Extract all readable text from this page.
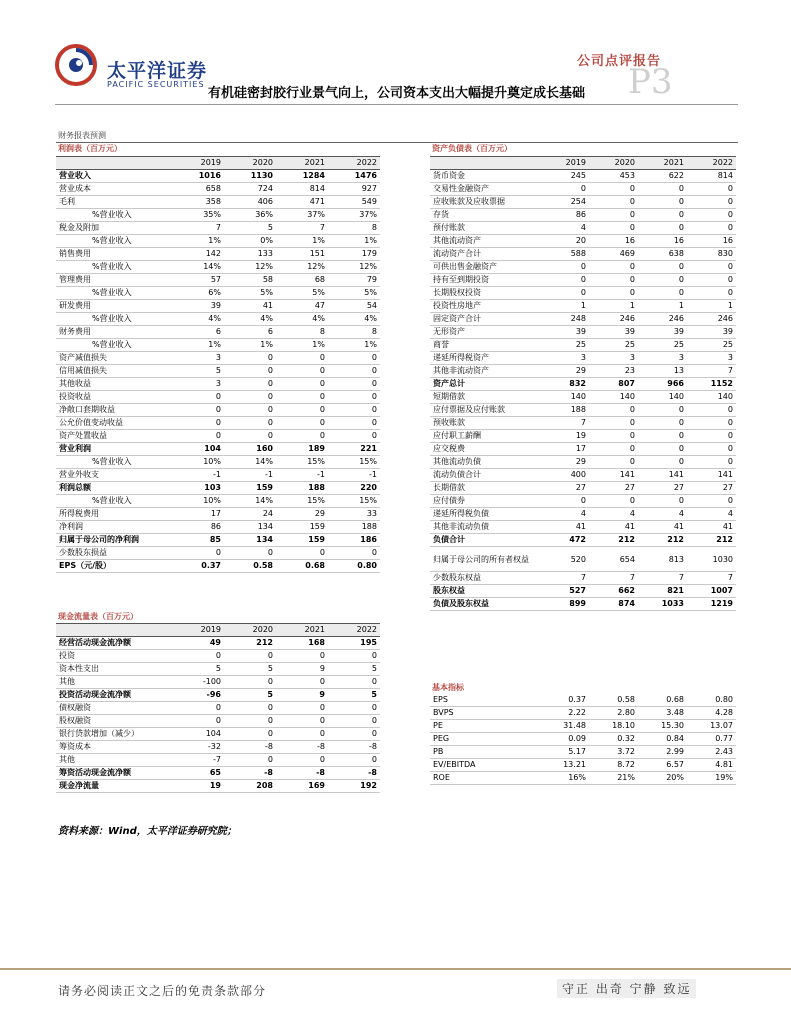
太平洋证券
PACIFIC SECURITIES
公司点评报告
有机硅密封胶行业景气向上，公司资本支出大幅提升奠定成长基础 P3
财务报表预测
利润表（百万元）	资产负债表（百万元）
	2019	2020	2021	2022
营业收入	1016	1130	1284	1476
营业成本	658	724	814	927
毛利	358	406	471	549
%营业收入	35%	36%	37%	37%
税金及附加	7	5	7	8
%营业收入	1%	0%	1%	1%
销售费用	142	133	151	179
%营业收入	14%	12%	12%	12%
管理费用	57	58	68	79
%营业收入	6%	5%	5%	5%
研发费用	39	41	47	54
%营业收入	4%	4%	4%	4%
财务费用	6	6	8	8
%营业收入	1%	1%	1%	1%
资产减值损失	3	0	0	0
信用减值损失	5	0	0	0
其他收益	3	0	0	0
投资收益	0	0	0	0
净敞口套期收益	0	0	0	0
公允价值变动收益	0	0	0	0
资产处置收益	0	0	0	0
营业利润	104	160	189	221
%营业收入	10%	14%	15%	15%
营业外收支	-1	-1	-1	-1
利润总额	103	159	188	220
%营业收入	10%	14%	15%	15%
所得税费用	17	24	29	33
净利润	86	134	159	188
归属于母公司的净利润	85	134	159	186
少数股东损益	0	0	0	0
EPS（元/股）	0.37	0.58	0.68	0.80
现金流量表（百万元）
	2019	2020	2021	2022
经营活动现金流净额	49	212	168	195
投资	0	0	0	0
资本性支出	5	5	9	5
其他	-100	0	0	0
投资活动现金流净额	-96	5	9	5
债权融资	0	0	0	0
股权融资	0	0	0	0
银行贷款增加（减少）	104	0	0	0
筹资成本	-32	-8	-8	-8
其他	-7	0	0	0
筹资活动现金流净额	65	-8	-8	-8
现金净流量	19	208	169	192
	2019	2020	2021	2022
货币资金	245	453	622	814
交易性金融资产	0	0	0	0
应收账款及应收票据	254	0	0	0
存货	86	0	0	0
预付账款	4	0	0	0
其他流动资产	20	16	16	16
流动资产合计	588	469	638	830
可供出售金融资产	0	0	0	0
持有至到期投资	0	0	0	0
长期股权投资	0	0	0	0
投资性房地产	1	1	1	1
固定资产合计	248	246	246	246
无形资产	39	39	39	39
商誉	25	25	25	25
递延所得税资产	3	3	3	3
其他非流动资产	29	23	13	7
资产总计	832	807	966	1152
短期借款	140	140	140	140
应付票据及应付账款	188	0	0	0
预收账款	7	0	0	0
应付职工薪酬	19	0	0	0
应交税费	17	0	0	0
其他流动负债	29	0	0	0
流动负债合计	400	141	141	141
长期借款	27	27	27	27
应付债券	0	0	0	0
递延所得税负债	4	4	4	4
其他非流动负债	41	41	41	41
负债合计	472	212	212	212
归属于母公司的所有者权益	520	654	813	1030
少数股东权益	7	7	7	7
股东权益	527	662	821	1007
负债及股东权益	899	874	1033	1219
基本指标
EPS	0.37	0.58	0.68	0.80
BVPS	2.22	2.80	3.48	4.28
PE	31.48	18.10	15.30	13.07
PEG	0.09	0.32	0.84	0.77
PB	5.17	3.72	2.99	2.43
EV/EBITDA	13.21	8.72	6.57	4.81
ROE	16%	21%	20%	19%
资料来源：Wind，太平洋证券研究院；
请务必阅读正文之后的免责条款部分	守正 出奇 宁静 致远
